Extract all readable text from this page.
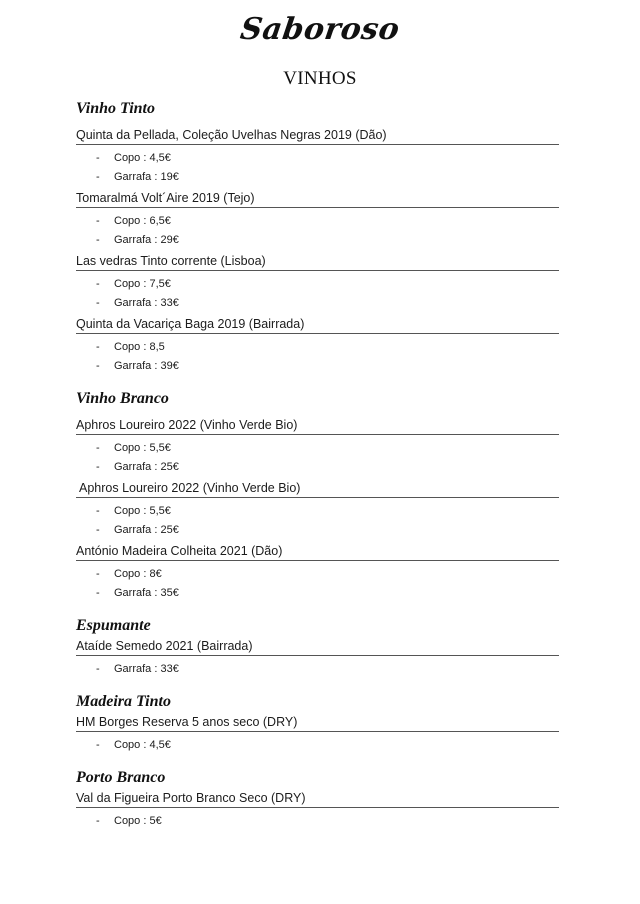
Saboroso
VINHOS
Vinho Tinto
Quinta da Pellada, Coleção Uvelhas Negras 2019 (Dão)
- Copo : 4,5€
- Garrafa : 19€
Tomaralmá Volt´Aire 2019 (Tejo)
- Copo : 6,5€
- Garrafa : 29€
Las vedras Tinto corrente (Lisboa)
- Copo : 7,5€
- Garrafa : 33€
Quinta da Vacariça Baga 2019 (Bairrada)
- Copo : 8,5
- Garrafa : 39€
Vinho Branco
Aphros Loureiro 2022 (Vinho Verde Bio)
- Copo : 5,5€
- Garrafa : 25€
Aphros Loureiro 2022 (Vinho Verde Bio)
- Copo : 5,5€
- Garrafa : 25€
António Madeira Colheita 2021 (Dão)
- Copo : 8€
- Garrafa : 35€
Espumante
Ataíde Semedo 2021 (Bairrada)
- Garrafa : 33€
Madeira Tinto
HM Borges Reserva 5 anos seco (DRY)
- Copo : 4,5€
Porto Branco
Val da Figueira Porto Branco Seco (DRY)
- Copo : 5€
